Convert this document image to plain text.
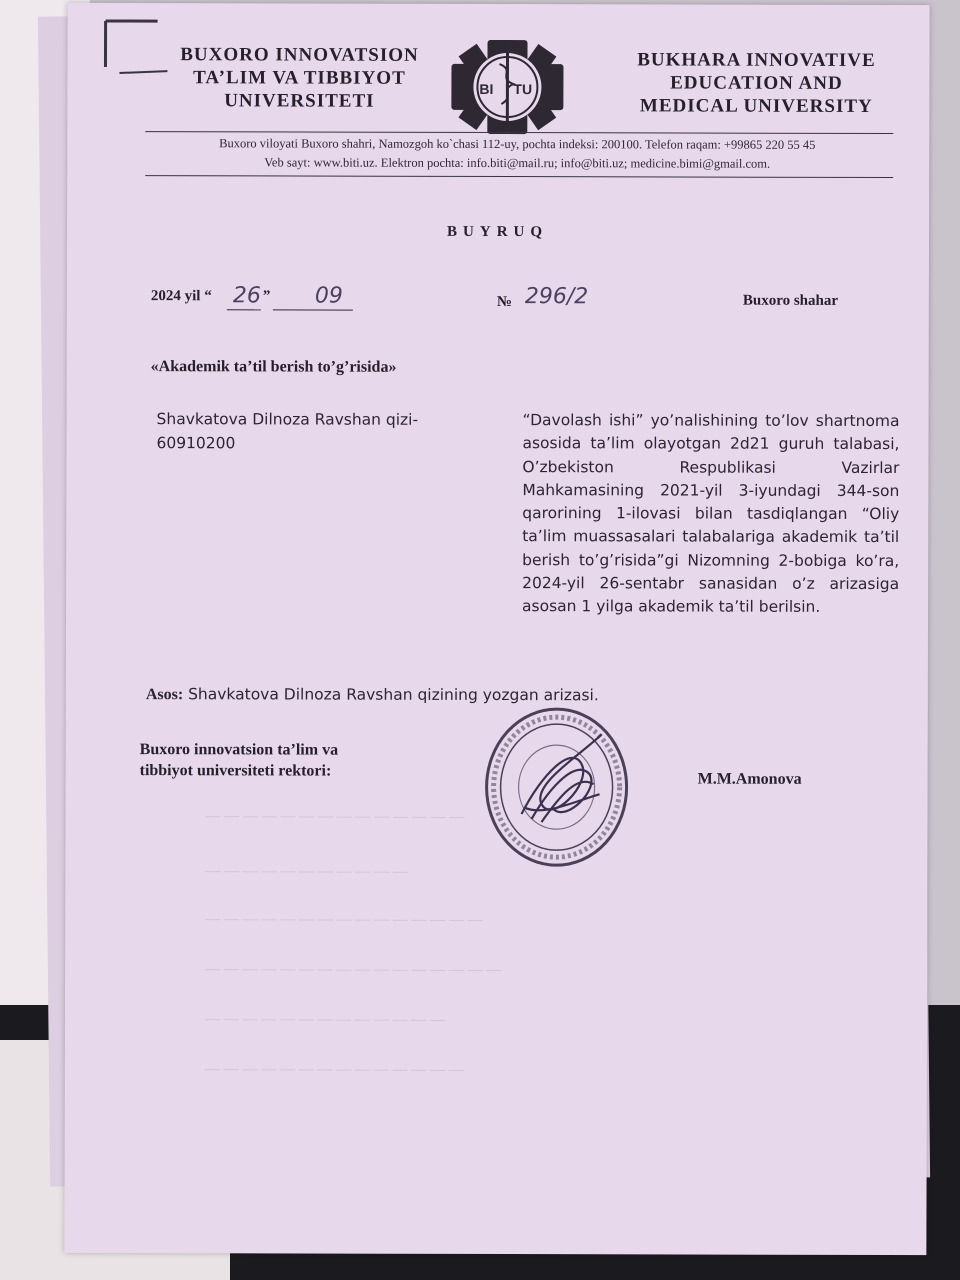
BUXORO INNOVATSION
TA’LIM VA TIBBIYOT
UNIVERSITETI
BI TU
BUKHARA INNOVATIVE
EDUCATION AND
MEDICAL UNIVERSITY
Buxoro viloyati Buxoro shahri, Namozgoh ko`chasi 112-uy, pochta indeksi: 200100. Telefon raqam: +99865 220 55 45
Veb sayt: www.biti.uz. Elektron pochta: info.biti@mail.ru; info@biti.uz; medicine.bimi@gmail.com.
BUYRUQ
2024 yil “ 26 ” 09	№ 296/2	Buxoro shahar
«Akademik ta’til berish to’g’risida»
Shavkatova Dilnoza Ravshan qizi-60910200
“Davolash ishi” yo’nalishining to’lov shartnoma asosida ta’lim olayotgan 2d21 guruh talabasi, O’zbekiston Respublikasi Vazirlar Mahkamasining 2021-yil 3-iyundagi 344-son qarorining 1-ilovasi bilan tasdiqlangan “Oliy ta’lim muassasalari talabalariga akademik ta’til berish to’g’risida”gi Nizomning 2-bobiga ko’ra, 2024-yil 26-sentabr sanasidan o’z arizasiga asosan 1 yilga akademik ta’til berilsin.
Asos: Shavkatova Dilnoza Ravshan qizining yozgan arizasi.
Buxoro innovatsion ta’lim va
tibbiyot universiteti rektori:	M.M.Amonova
— — — — — — — — — — — — — —
— — — — — — — — — — —
— — — — — — — — — — — — — — —
— — — — — — — — — — — — — — — —
— — — — — — — — — — — — —
— — — — — — — — — — — — — —
